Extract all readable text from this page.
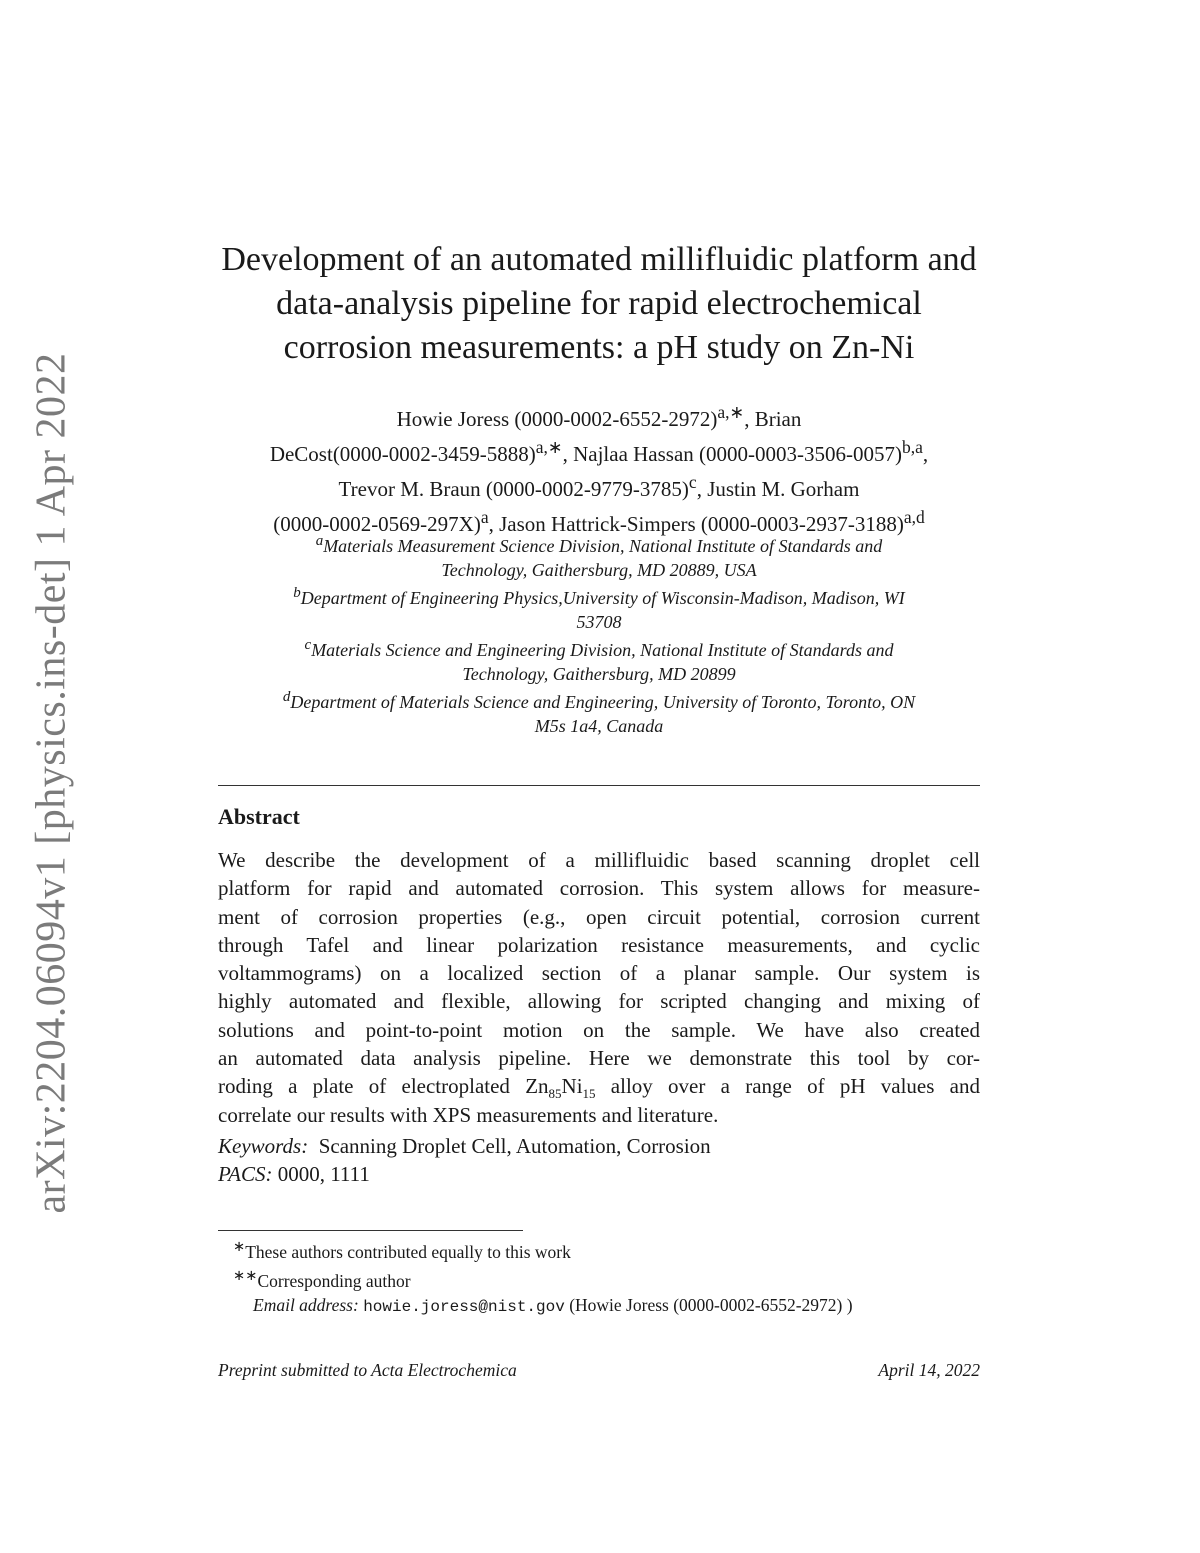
arXiv:2204.06094v1 [physics.ins-det] 1 Apr 2022
Development of an automated millifluidic platform and
data-analysis pipeline for rapid electrochemical
corrosion measurements: a pH study on Zn-Ni
Howie Joress $(0000-0002-6552-2972)^{a,∗}$, Brian
$DeCost(0000-0002-3459-5888)^{a,∗}$, Najlaa Hassan $(0000-0003-3506-0057)^{b,a}$,
Trevor M. Braun $(0000-0002-9779-3785)^c$, Justin M. Gorham
$(0000-0002-0569-297X)^a$, Jason Hattrick-Simpers $(0000-0003-2937-3188)^{a,d}$
$^a$Materials Measurement Science Division, National Institute of Standards and
Technology, Gaithersburg, MD 20889, USA
$^b$Department of Engineering Physics,University of Wisconsin-Madison, Madison, WI
53708
$^c$Materials Science and Engineering Division, National Institute of Standards and
Technology, Gaithersburg, MD 20899
$^d$Department of Materials Science and Engineering, University of Toronto, Toronto, ON
M5s 1a4, Canada
Abstract
We describe the development of a millifluidic based scanning droplet cell
platform for rapid and automated corrosion. This system allows for measure-
ment of corrosion properties (e.g., open circuit potential, corrosion current
through Tafel and linear polarization resistance measurements, and cyclic
voltammograms) on a localized section of a planar sample. Our system is
highly automated and flexible, allowing for scripted changing and mixing of
solutions and point-to-point motion on the sample. We have also created
an automated data analysis pipeline. Here we demonstrate this tool by cor-
roding a plate of electroplated $Zn_{85}Ni_{15}$ alloy over a range of pH values and
correlate our results with XPS measurements and literature.
Keywords: Scanning Droplet Cell, Automation, Corrosion
PACS: 0000, 1111
∗These authors contributed equally to this work
∗∗Corresponding author
Email address: howie.joress@nist.gov (Howie Joress (0000-0002-6552-2972) )
Preprint submitted to Acta Electrochemica	April 14, 2022
